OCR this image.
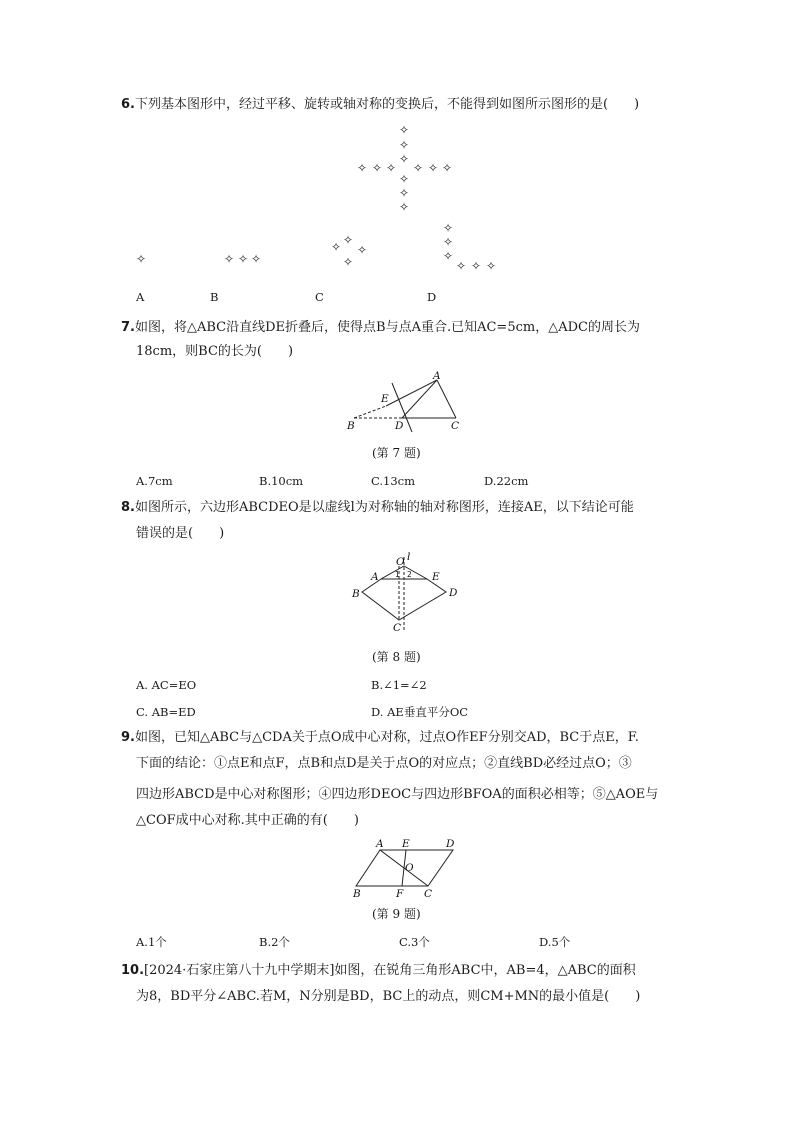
6.下列基本图形中，经过平移、旋转或轴对称的变换后，不能得到如图所示图形的是(　　)
✧
✧
✧
✧ ✧ ✧ ✧ ✧ ✧
✧
✧
✧
✧	✧ ✧ ✧
✧
✧ ✧
✧
✧
✧
✧
✧ ✧ ✧
A	B	C	D
7.如图，将△ABC沿直线DE折叠后，使得点B与点A重合.已知AC=5cm，△ADC的周长为
18cm，则BC的长为(　　)
A
E
B	D	C
(第 7 题)
A.7cm	B.10cm	C.13cm	D.22cm
8.如图所示，六边形ABCDEO是以虚线l为对称轴的轴对称图形，连接AE，以下结论可能
错误的是(　　)
O l
A	E
B	D
C
1 2
(第 8 题)
A. AC=EO	B.∠1=∠2
C. AB=ED	D. AE垂直平分OC
9.如图，已知△ABC与△CDA关于点O成中心对称，过点O作EF分别交AD，BC于点E，F.
下面的结论：①点E和点F，点B和点D是关于点O的对应点；②直线BD必经过点O；③
四边形ABCD是中心对称图形；④四边形DEOC与四边形BFOA的面积必相等；⑤△AOE与
△COF成中心对称.其中正确的有(　　)
A E	D
O
B	F C
(第 9 题)
A.1个	B.2个	C.3个	D.5个
10.[2024·石家庄第八十九中学期末]如图，在锐角三角形ABC中，AB=4，△ABC的面积
为8，BD平分∠ABC.若M，N分别是BD，BC上的动点，则CM+MN的最小值是(　　)
